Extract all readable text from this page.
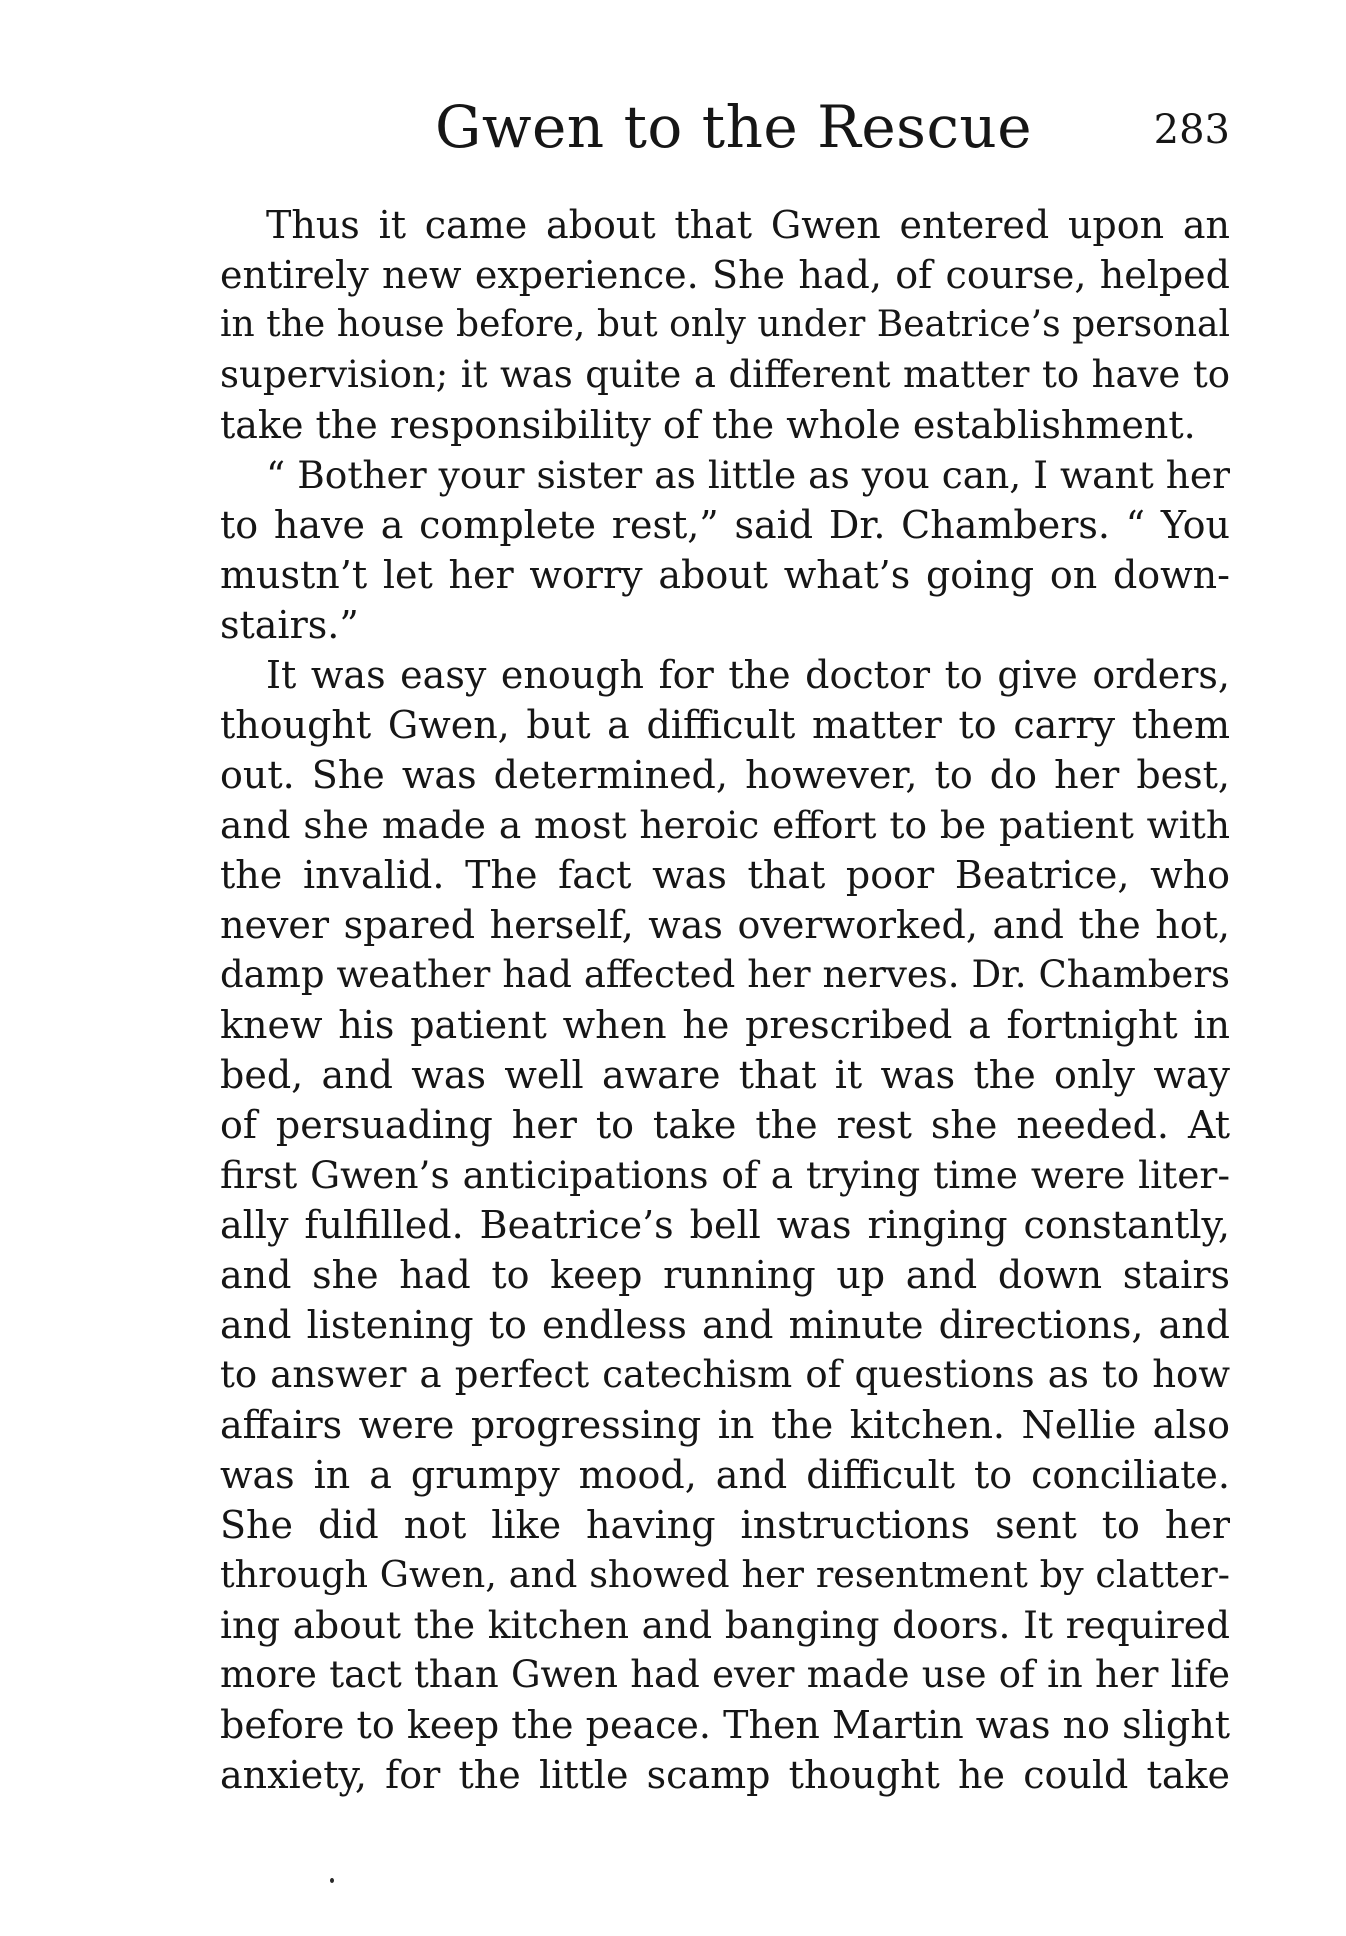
Gwen to the Rescue	283
Thus it came about that Gwen entered upon an
entirely new experience. She had, of course, helped
in the house before, but only under Beatrice’s personal
supervision; it was quite a different matter to have to
take the responsibility of the whole establishment.
“ Bother your sister as little as you can, I want her
to have a complete rest,” said Dr. Chambers. “ You
mustn’t let her worry about what’s going on down-
stairs.”
It was easy enough for the doctor to give orders,
thought Gwen, but a difficult matter to carry them
out. She was determined, however, to do her best,
and she made a most heroic effort to be patient with
the invalid. The fact was that poor Beatrice, who
never spared herself, was overworked, and the hot,
damp weather had affected her nerves. Dr. Chambers
knew his patient when he prescribed a fortnight in
bed, and was well aware that it was the only way
of persuading her to take the rest she needed. At
first Gwen’s anticipations of a trying time were liter-
ally fulfilled. Beatrice’s bell was ringing constantly,
and she had to keep running up and down stairs
and listening to endless and minute directions, and
to answer a perfect catechism of questions as to how
affairs were progressing in the kitchen. Nellie also
was in a grumpy mood, and difficult to conciliate.
She did not like having instructions sent to her
through Gwen, and showed her resentment by clatter-
ing about the kitchen and banging doors. It required
more tact than Gwen had ever made use of in her life
before to keep the peace. Then Martin was no slight
anxiety, for the little scamp thought he could take
